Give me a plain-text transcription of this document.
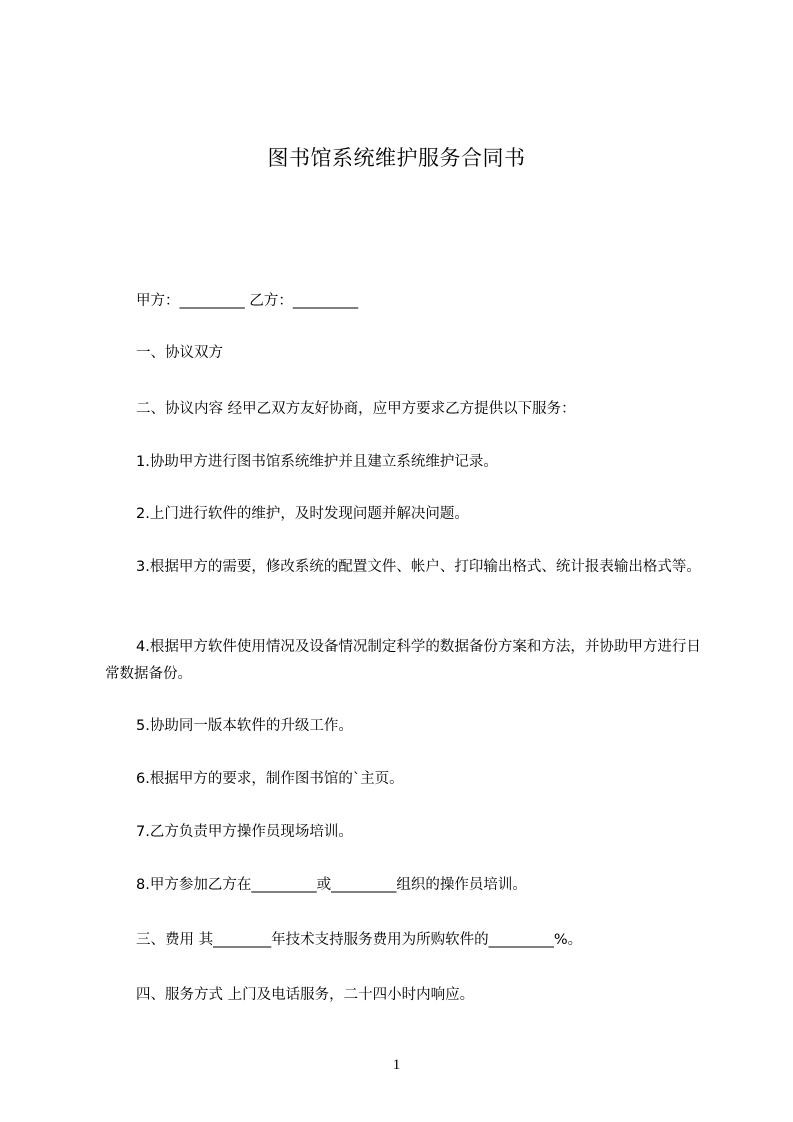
图书馆系统维护服务合同书
甲方：_________ 乙方：_________
一、协议双方
二、协议内容 经甲乙双方友好协商，应甲方要求乙方提供以下服务：
1.协助甲方进行图书馆系统维护并且建立系统维护记录。
2.上门进行软件的维护，及时发现问题并解决问题。
3.根据甲方的需要，修改系统的配置文件、帐户、打印输出格式、统计报表输出格式等。
4.根据甲方软件使用情况及设备情况制定科学的数据备份方案和方法，并协助甲方进行日常数据备份。
5.协助同一版本软件的升级工作。
6.根据甲方的要求，制作图书馆的`主页。
7.乙方负责甲方操作员现场培训。
8.甲方参加乙方在_________或_________组织的操作员培训。
三、费用 其________年技术支持服务费用为所购软件的_________%。
四、服务方式 上门及电话服务，二十四小时内响应。
1
